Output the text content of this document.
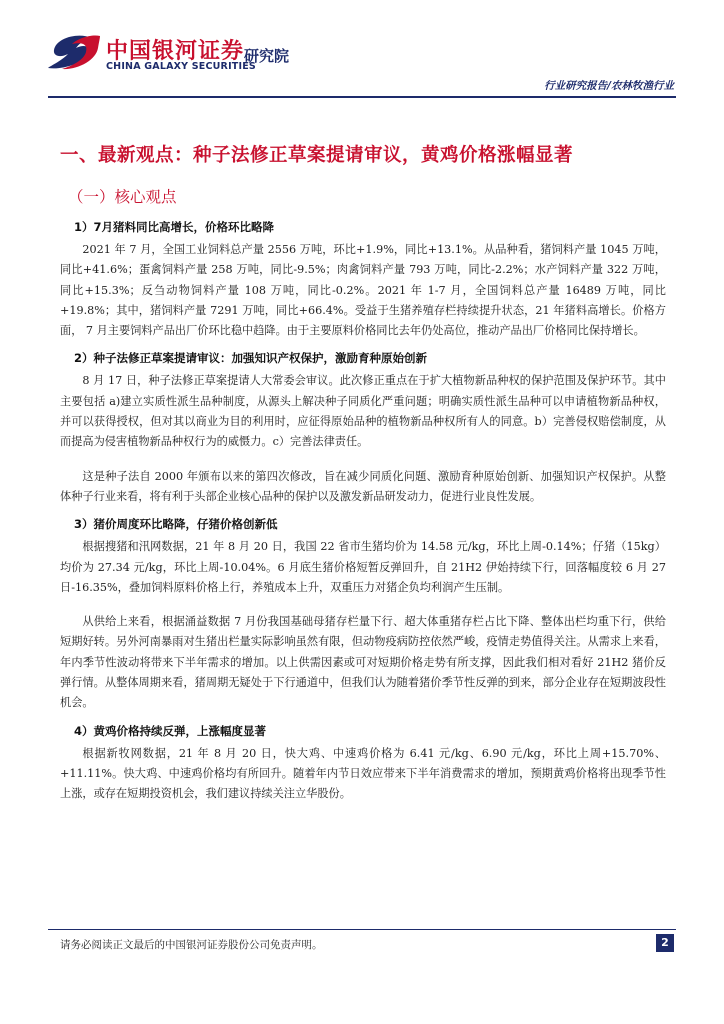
中国银河证券
CHINA GALAXY SECURITIES
研究院
行业研究报告/农林牧渔行业
一、最新观点：种子法修正草案提请审议，黄鸡价格涨幅显著
（一）核心观点
1）7月猪料同比高增长，价格环比略降

2021 年 7 月，全国工业饲料总产量 2556 万吨，环比+1.9%，同比+13.1%。从品种看，猪饲料产量 1045 万吨，同比+41.6%；蛋禽饲料产量 258 万吨，同比-9.5%；肉禽饲料产量 793 万吨，同比-2.2%；水产饲料产量 322 万吨，同比+15.3%；反刍动物饲料产量 108 万吨，同比-0.2%。2021 年 1-7 月，全国饲料总产量 16489 万吨，同比+19.8%；其中，猪饲料产量 7291 万吨，同比+66.4%。受益于生猪养殖存栏持续提升状态，21 年猪料高增长。价格方面， 7 月主要饲料产品出厂价环比稳中趋降。由于主要原料价格同比去年仍处高位，推动产品出厂价格同比保持增长。

2）种子法修正草案提请审议：加强知识产权保护，激励育种原始创新

8 月 17 日，种子法修正草案提请人大常委会审议。此次修正重点在于扩大植物新品种权的保护范围及保护环节。其中主要包括 a)建立实质性派生品种制度，从源头上解决种子同质化严重问题；明确实质性派生品种可以申请植物新品种权，并可以获得授权，但对其以商业为目的利用时，应征得原始品种的植物新品种权所有人的同意。b）完善侵权赔偿制度，从而提高为侵害植物新品种权行为的威慑力。c）完善法律责任。

这是种子法自 2000 年颁布以来的第四次修改，旨在减少同质化问题、激励育种原始创新、加强知识产权保护。从整体种子行业来看，将有利于头部企业核心品种的保护以及激发新品研发动力，促进行业良性发展。

3）猪价周度环比略降，仔猪价格创新低

根据搜猪和汛网数据，21 年 8 月 20 日，我国 22 省市生猪均价为 14.58 元/kg，环比上周-0.14%；仔猪（15kg）均价为 27.34 元/kg，环比上周-10.04%。6 月底生猪价格短暂反弹回升，自 21H2 伊始持续下行，回落幅度较 6 月 27 日-16.35%，叠加饲料原料价格上行，养殖成本上升，双重压力对猪企负均利润产生压制。

从供给上来看，根据涌益数据 7 月份我国基础母猪存栏量下行、超大体重猪存栏占比下降、整体出栏均重下行，供给短期好转。另外河南暴雨对生猪出栏量实际影响虽然有限，但动物疫病防控依然严峻，疫情走势值得关注。从需求上来看，年内季节性波动将带来下半年需求的增加。以上供需因素或可对短期价格走势有所支撑，因此我们相对看好 21H2 猪价反弹行情。从整体周期来看，猪周期无疑处于下行通道中，但我们认为随着猪价季节性反弹的到来，部分企业存在短期波段性机会。

4）黄鸡价格持续反弹，上涨幅度显著

根据新牧网数据，21 年 8 月 20 日，快大鸡、中速鸡价格为 6.41 元/kg、6.90 元/kg，环比上周+15.70%、+11.11%。快大鸡、中速鸡价格均有所回升。随着年内节日效应带来下半年消费需求的增加，预期黄鸡价格将出现季节性上涨，或存在短期投资机会，我们建议持续关注立华股份。

请务必阅读正文最后的中国银河证券股份公司免责声明。	2
